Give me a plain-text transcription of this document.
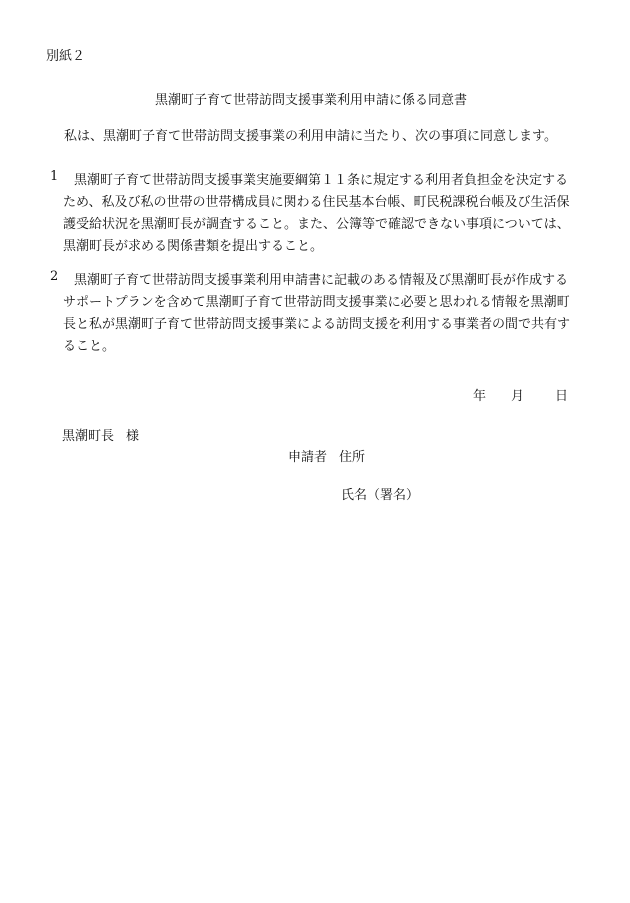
別紙２
黒潮町子育て世帯訪問支援事業利用申請に係る同意書
私は、黒潮町子育て世帯訪問支援事業の利用申請に当たり、次の事項に同意します。
1	黒潮町子育て世帯訪問支援事業実施要綱第１１条に規定する利用者負担金を決定する
ため、私及び私の世帯の世帯構成員に関わる住民基本台帳、町民税課税台帳及び生活保
護受給状況を黒潮町長が調査すること。また、公簿等で確認できない事項については、
黒潮町長が求める関係書類を提出すること。
2	黒潮町子育て世帯訪問支援事業利用申請書に記載のある情報及び黒潮町長が作成する
サポートプランを含めて黒潮町子育て世帯訪問支援事業に必要と思われる情報を黒潮町
長と私が黒潮町子育て世帯訪問支援事業による訪問支援を利用する事業者の間で共有す
ること。
年 月 日
黒潮町長 様
申請者 住所
氏名（署名）
